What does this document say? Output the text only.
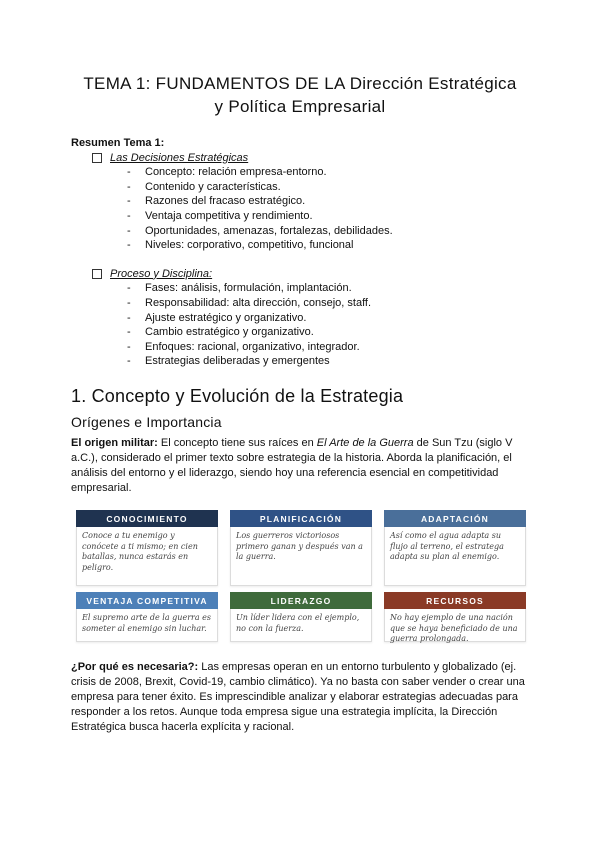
TEMA 1: FUNDAMENTOS DE LA Dirección Estratégica
y Política Empresarial
Resumen Tema 1:
Las Decisiones Estratégicas
-	Concepto: relación empresa-entorno.
-	Contenido y características.
-	Razones del fracaso estratégico.
-	Ventaja competitiva y rendimiento.
-	Oportunidades, amenazas, fortalezas, debilidades.
-	Niveles: corporativo, competitivo, funcional
Proceso y Disciplina:
-	Fases: análisis, formulación, implantación.
-	Responsabilidad: alta dirección, consejo, staff.
-	Ajuste estratégico y organizativo.
-	Cambio estratégico y organizativo.
-	Enfoques: racional, organizativo, integrador.
-	Estrategias deliberadas y emergentes
1. Concepto y Evolución de la Estrategia
Orígenes e Importancia

El origen militar: El concepto tiene sus raíces en El Arte de la Guerra de Sun Tzu (siglo V a.C.), considerado el primer texto sobre estrategia de la historia. Aborda la planificación, el análisis del entorno y el liderazgo, siendo hoy una referencia esencial en competitividad empresarial.

CONOCIMIENTO
Conoce a tu enemigo y conócete a ti mismo; en cien batallas, nunca estarás en peligro.
PLANIFICACIÓN
Los guerreros victoriosos primero ganan y después van a la guerra.
ADAPTACIÓN
Así como el agua adapta su flujo al terreno, el estratega adapta su plan al enemigo.
VENTAJA COMPETITIVA
El supremo arte de la guerra es someter al enemigo sin luchar.
LIDERAZGO
Un líder lidera con el ejemplo, no con la fuerza.
RECURSOS
No hay ejemplo de una nación que se haya beneficiado de una guerra prolongada.

¿Por qué es necesaria?: Las empresas operan en un entorno turbulento y globalizado (ej. crisis de 2008, Brexit, Covid-19, cambio climático). Ya no basta con saber vender o crear una empresa para tener éxito. Es imprescindible analizar y elaborar estrategias adecuadas para responder a los retos. Aunque toda empresa sigue una estrategia implícita, la Dirección Estratégica busca hacerla explícita y racional.
